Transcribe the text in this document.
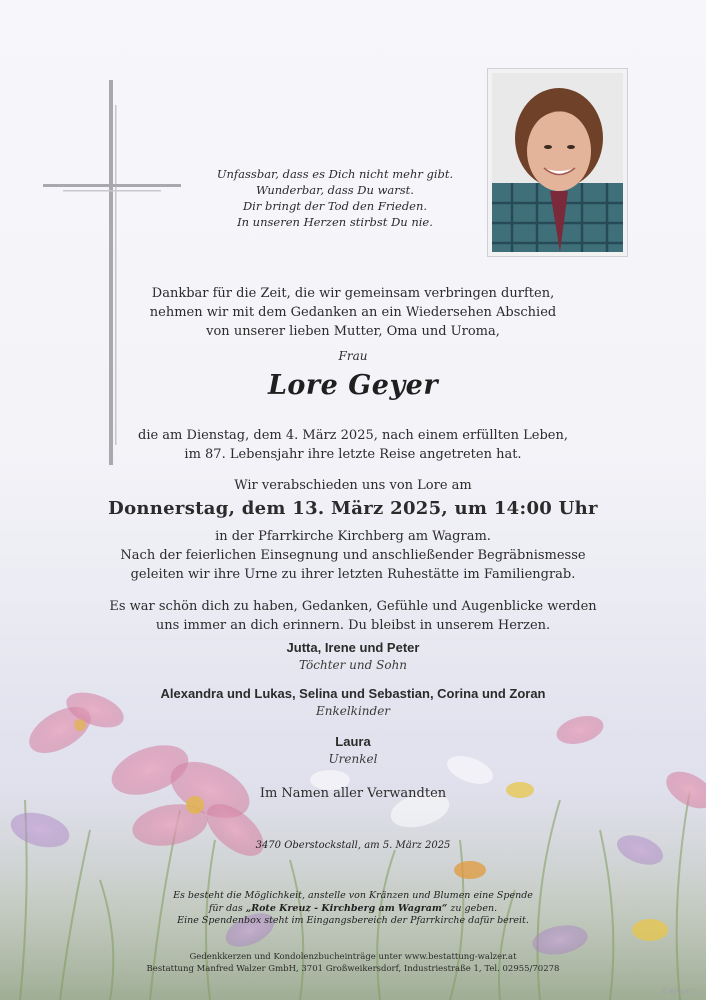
Unfassbar, dass es Dich nicht mehr gibt.
Wunderbar, dass Du warst.
Dir bringt der Tod den Frieden.
In unseren Herzen stirbst Du nie.
Dankbar für die Zeit, die wir gemeinsam verbringen durften,
nehmen wir mit dem Gedanken an ein Wiedersehen Abschied
von unserer lieben Mutter, Oma und Uroma,
Frau
Lore Geyer
die am Dienstag, dem 4. März 2025, nach einem erfüllten Leben,
im 87. Lebensjahr ihre letzte Reise angetreten hat.
Wir verabschieden uns von Lore am
Donnerstag, dem 13. März 2025, um 14:00 Uhr
in der Pfarrkirche Kirchberg am Wagram.
Nach der feierlichen Einsegnung und anschließender Begräbnismesse
geleiten wir ihre Urne zu ihrer letzten Ruhestätte im Familiengrab.
Es war schön dich zu haben, Gedanken, Gefühle und Augenblicke werden
uns immer an dich erinnern. Du bleibst in unserem Herzen.
Jutta, Irene und Peter
Töchter und Sohn
Alexandra und Lukas, Selina und Sebastian, Corina und Zoran
Enkelkinder
Laura
Urenkel
Im Namen aller Verwandten
3470 Oberstockstall, am 5. März 2025
Es besteht die Möglichkeit, anstelle von Kränzen und Blumen eine Spende
für das „Rote Kreuz - Kirchberg am Wagram“ zu geben.
Eine Spendenbox steht im Eingangsbereich der Pfarrkirche dafür bereit.
Gedenkkerzen und Kondolenzbucheinträge unter www.bestattung-walzer.at
Bestattung Manfred Walzer GmbH, 3701 Großweikersdorf, Industriestraße 1, Tel. 02955/70278
© EP 5317
